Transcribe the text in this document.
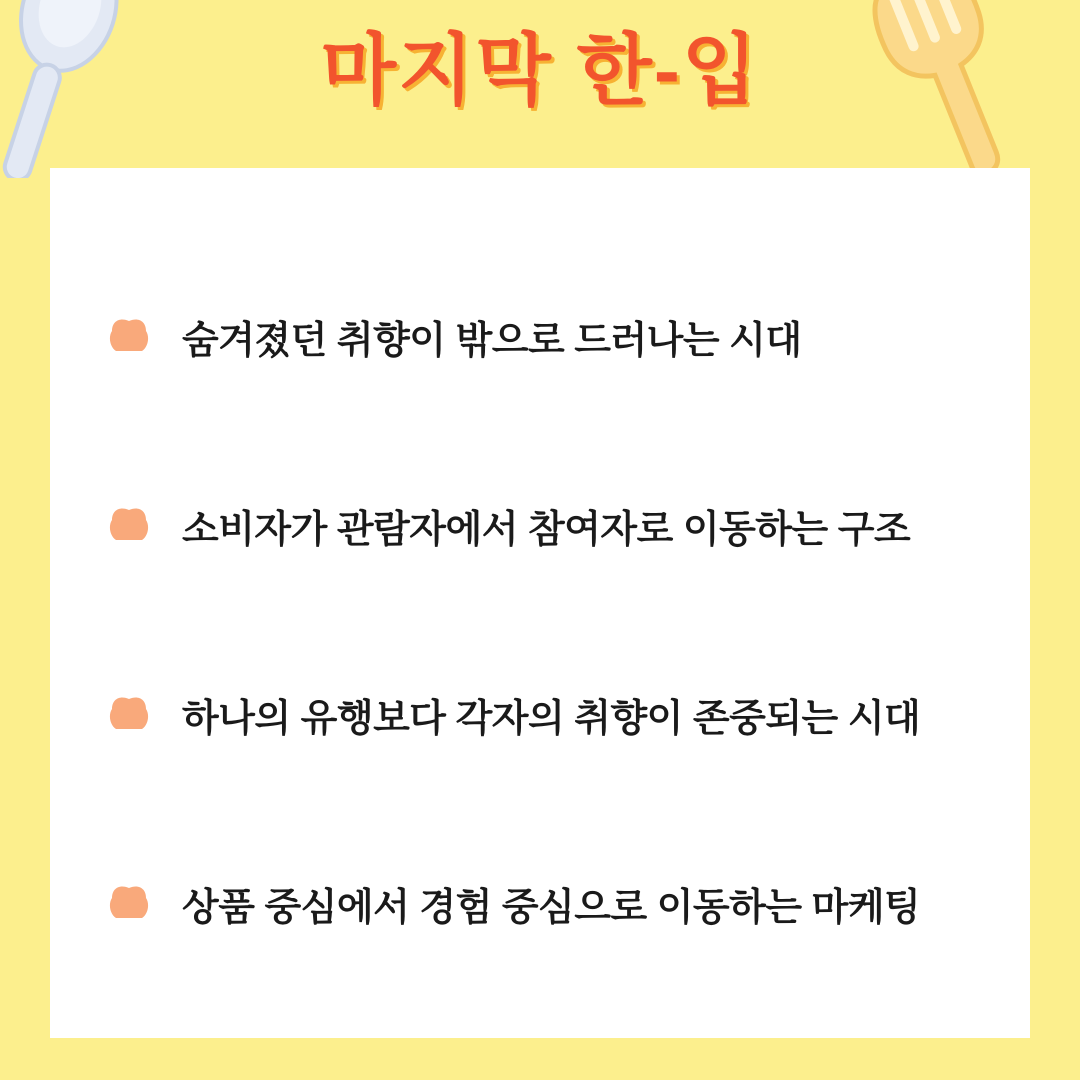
마지막 한-입
숨겨졌던 취향이 밖으로 드러나는 시대
소비자가 관람자에서 참여자로 이동하는 구조
하나의 유행보다 각자의 취향이 존중되는 시대
상품 중심에서 경험 중심으로 이동하는 마케팅
